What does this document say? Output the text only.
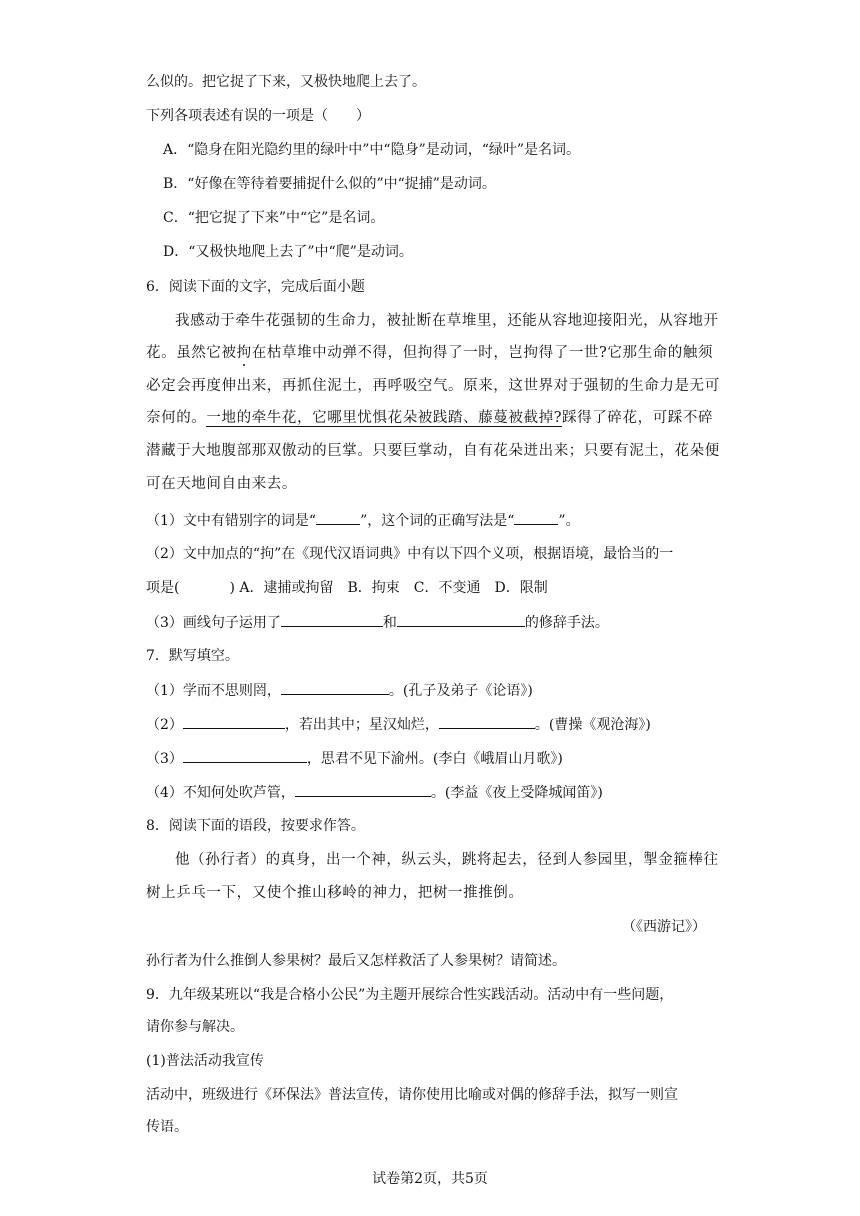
么似的。把它捉了下来，又极快地爬上去了。
下列各项表述有误的一项是（　　）
A．“隐身在阳光隐约里的绿叶中”中“隐身”是动词，“绿叶”是名词。
B．“好像在等待着要捕捉什么似的”中“捉捕”是动词。
C．“把它捉了下来”中“它”是名词。
D．“又极快地爬上去了”中“爬”是动词。
6．阅读下面的文字，完成后面小题
我感动于牵牛花强韧的生命力，被扯断在草堆里，还能从容地迎接阳光，从容地开
花。虽然它被拘在枯草堆中动弹不得，但拘得了一时，岂拘得了一世?它那生命的触须
必定会再度伸出来，再抓住泥土，再呼吸空气。原来，这世界对于强韧的生命力是无可
奈何的。一地的牵牛花，它哪里忧惧花朵被践踏、藤蔓被截掉?踩得了碎花，可踩不碎
潜藏于大地腹部那双傲动的巨掌。只要巨掌动，自有花朵迸出来；只要有泥土，花朵便
可在天地间自由来去。
（1）文中有错别字的词是“	”，这个词的正确写法是“	”。
（2）文中加点的“拘”在《现代汉语词典》中有以下四个义项，根据语境，最恰当的一
项是(	) A．逮捕或拘留　B．拘束　C．不变通　D．限制
（3）画线句子运用了	和	的修辞手法。
7．默写填空。
（1）学而不思则罔，	。(孔子及弟子《论语》)
（2）	，若出其中；星汉灿烂，	。(曹操《观沧海》)
（3）	，思君不见下渝州。(李白《峨眉山月歌》)
（4）不知何处吹芦管，	。(李益《夜上受降城闻笛》)
8．阅读下面的语段，按要求作答。
他（孙行者）的真身，出一个神，纵云头，跳将起去，径到人参园里，掣金箍棒往
树上乒乓一下，又使个推山移岭的神力，把树一推推倒。
（《西游记》）
孙行者为什么推倒人参果树？最后又怎样救活了人参果树？请简述。
9．九年级某班以“我是合格小公民”为主题开展综合性实践活动。活动中有一些问题，
请你参与解决。
(1)普法活动我宣传
活动中，班级进行《环保法》普法宣传，请你使用比喻或对偶的修辞手法，拟写一则宣
传语。
试卷第2页，共5页
